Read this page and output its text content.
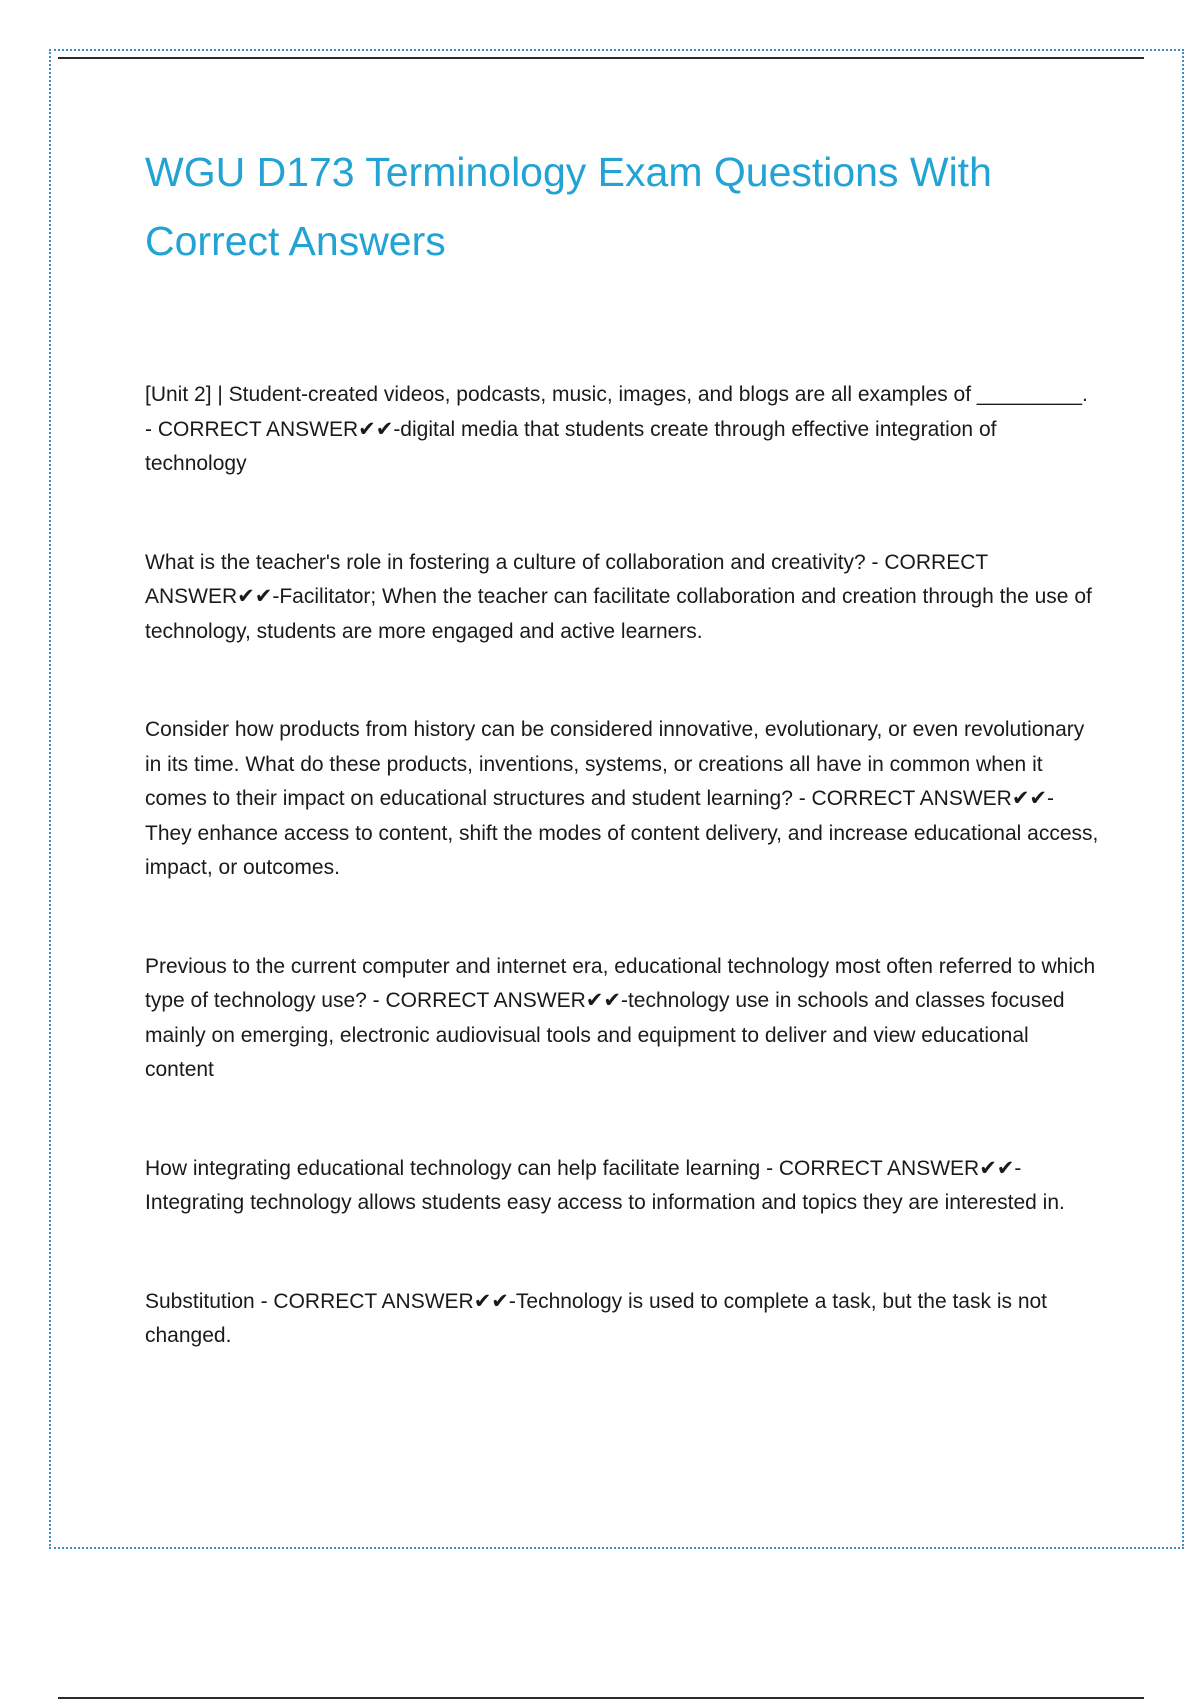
WGU D173 Terminology Exam Questions With Correct Answers

[Unit 2] | Student-created videos, podcasts, music, images, and blogs are all examples of _________. - CORRECT ANSWER✔✔-digital media that students create through effective integration of technology

What is the teacher's role in fostering a culture of collaboration and creativity? - CORRECT ANSWER✔✔-Facilitator; When the teacher can facilitate collaboration and creation through the use of technology, students are more engaged and active learners.

Consider how products from history can be considered innovative, evolutionary, or even revolutionary in its time. What do these products, inventions, systems, or creations all have in common when it comes to their impact on educational structures and student learning? - CORRECT ANSWER✔✔-They enhance access to content, shift the modes of content delivery, and increase educational access, impact, or outcomes.

Previous to the current computer and internet era, educational technology most often referred to which type of technology use? - CORRECT ANSWER✔✔-technology use in schools and classes focused mainly on emerging, electronic audiovisual tools and equipment to deliver and view educational content

How integrating educational technology can help facilitate learning - CORRECT ANSWER✔✔-Integrating technology allows students easy access to information and topics they are interested in.

Substitution - CORRECT ANSWER✔✔-Technology is used to complete a task, but the task is not changed.
